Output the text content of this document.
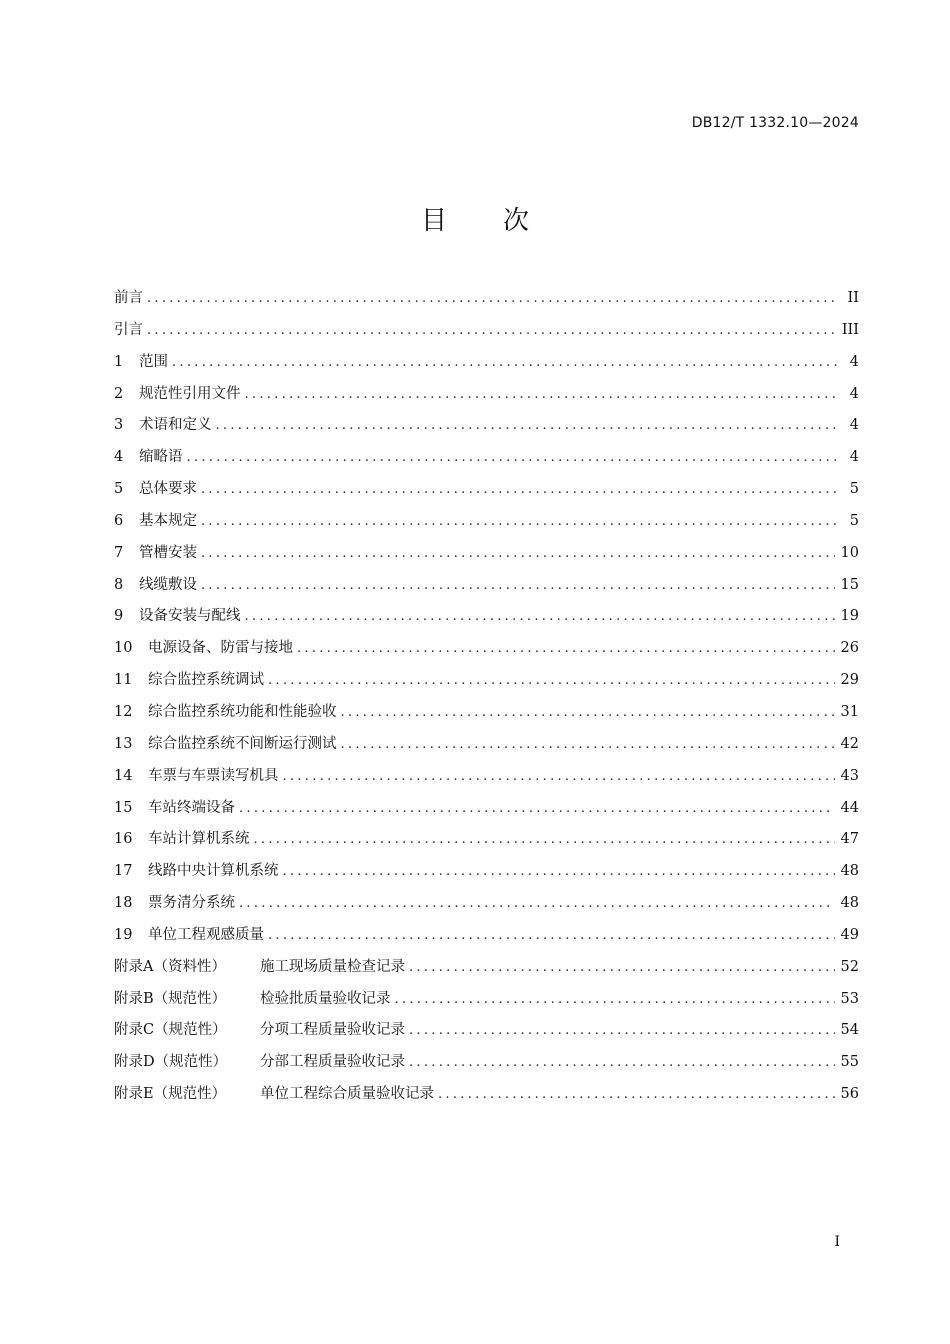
DB12/T 1332.10—2024
目 次
前言 .....	II
引言 .....	III
1	范围 .....	4
2	规范性引用文件 .....	4
3	术语和定义 .....	4
4	缩略语 .....	4
5	总体要求 .....	5
6	基本规定 .....	5
7	管槽安装 .....	10
8	线缆敷设 .....	15
9	设备安装与配线 .....	19
10	电源设备、防雷与接地 .....	26
11	综合监控系统调试 .....	29
12	综合监控系统功能和性能验收 .....	31
13	综合监控系统不间断运行测试 .....	42
14	车票与车票读写机具 .....	43
15	车站终端设备 .....	44
16	车站计算机系统 .....	47
17	线路中央计算机系统 .....	48
18	票务清分系统 .....	48
19	单位工程观感质量 .....	49
附录A（资料性）	施工现场质量检查记录 .....	52
附录B（规范性）	检验批质量验收记录 .....	53
附录C（规范性）	分项工程质量验收记录 .....	54
附录D（规范性）	分部工程质量验收记录 .....	55
附录E（规范性）	单位工程综合质量验收记录 .....	56
I
